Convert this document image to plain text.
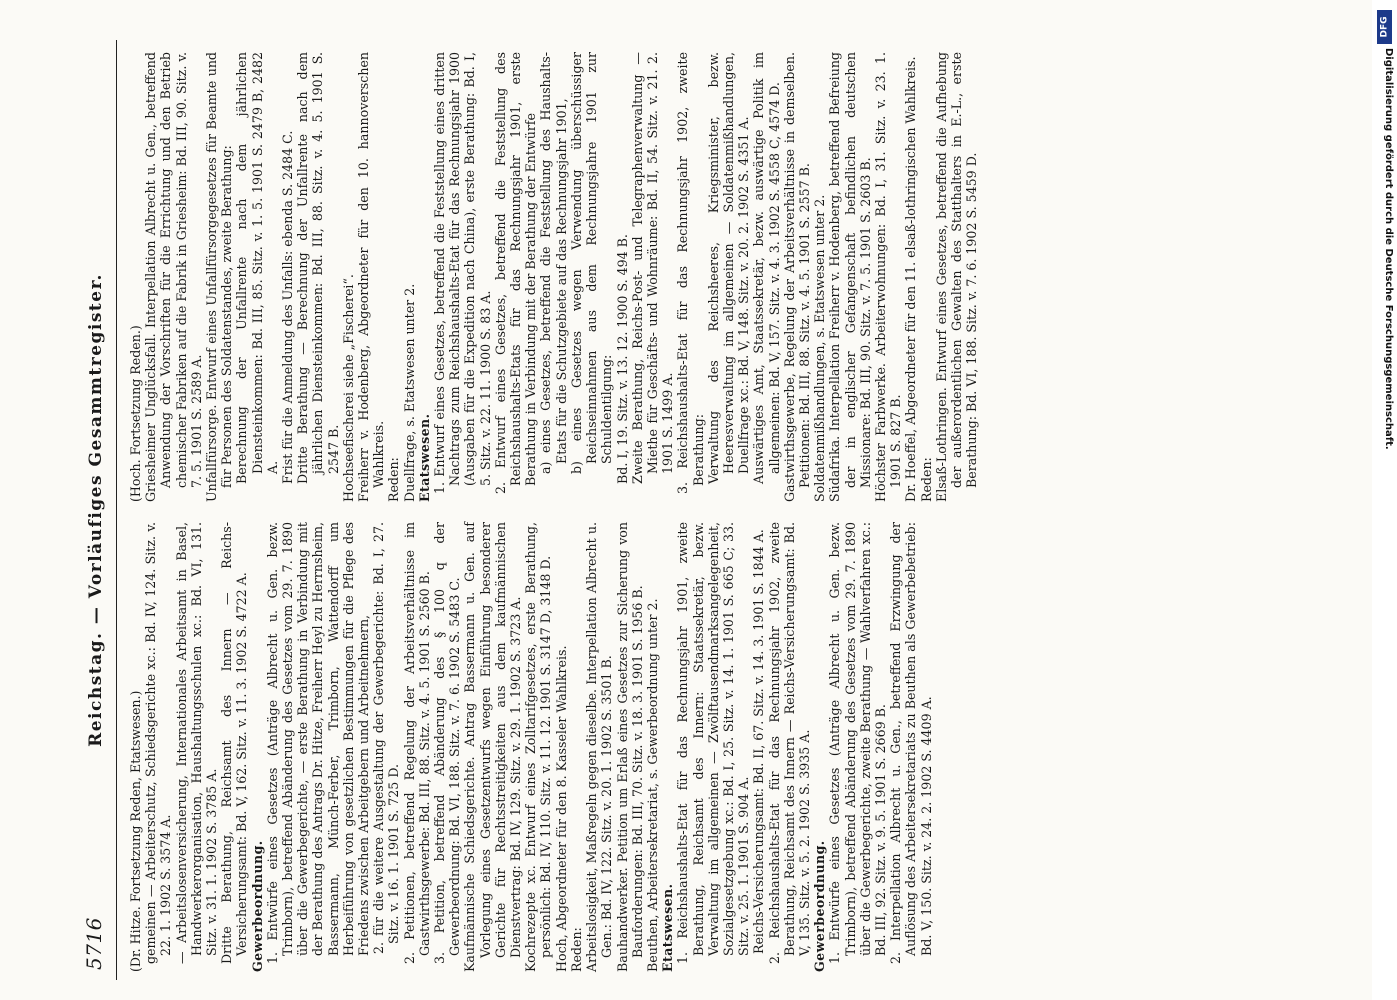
5716
Reichstag. — Vorläufiges Gesammtregister.

(Dr. Hitze. Fortsetzung Reden, Etatswesen.) gemeinen — Arbeiterschutz, Schiedsgerichte xc.: Bd. IV, 124. Sitz. v. 22. 1. 1902 S. 3574 A. — Arbeitslosenversicherung, Internationales Arbeitsamt in Basel, Handwerkerorganisation, Haushaltungsschulen xc.: Bd. VI, 131. Sitz. v. 31. 1. 1902 S. 3785 A. Dritte Berathung, Reichsamt des Innern — Reichs-Versicherungsamt: Bd. V, 162. Sitz. v. 11. 3. 1902 S. 4722 A. Gewerbeordnung. 1. Entwürfe eines Gesetzes (Anträge Albrecht u. Gen. bezw. Trimborn), betreffend Abänderung des Gesetzes vom 29. 7. 1890 über die Gewerbegerichte, — erste Berathung in Verbindung mit der Berathung des Antrags Dr. Hitze, Freiherr Heyl zu Herrnsheim, Bassermann, Münch-Ferber, Trimborn, Wattendorff um Herbeiführung von gesetzlichen Bestimmungen für die Pflege des Friedens zwischen Arbeitgebern und Arbeitnehmern, 2. für die weitere Ausgestaltung der Gewerbegerichte: Bd. I, 27. Sitz. v. 16. 1. 1901 S. 725 D. 2. Petitionen, betreffend Regelung der Arbeitsverhältnisse im Gastwirthsgewerbe: Bd. III, 88. Sitz. v. 4. 5. 1901 S. 2560 B. 3. Petition, betreffend Abänderung des § 100 q der Gewerbeordnung: Bd. VI, 188. Sitz. v. 7. 6. 1902 S. 5483 C. Kaufmännische Schiedsgerichte. Antrag Bassermann u. Gen. auf Vorlegung eines Gesetzentwurfs wegen Einführung besonderer Gerichte für Rechtsstreitigkeiten aus dem kaufmännischen Dienstvertrag: Bd. IV, 129. Sitz. v. 29. 1. 1902 S. 3723 A. Kochrezepte xc. Entwurf eines Zolltarifgesetzes, erste Berathung, persönlich: Bd. IV, 110. Sitz. v. 11. 12. 1901 S. 3147 D, 3148 D. Hoch, Abgeordneter für den 8. Kasseler Wahlkreis. Reden: Arbeitslosigkeit, Maßregeln gegen dieselbe. Interpellation Albrecht u. Gen.: Bd. IV, 122. Sitz. v. 20. 1. 1902 S. 3501 B. Bauhandwerker. Petition um Erlaß eines Gesetzes zur Sicherung von Bauforderungen: Bd. III, 70. Sitz. v. 18. 3. 1901 S. 1956 B. Beuthen, Arbeitersekretariat, s. Gewerbeordnung unter 2. Etatswesen. 1. Reichshaushalts-Etat für das Rechnungsjahr 1901, zweite Berathung, Reichsamt des Innern: Staatssekretär, bezw. Verwaltung im allgemeinen — Zwölftausendmarksangelegenheit, Sozialgesetzgebung xc.: Bd. I, 25. Sitz. v. 14. 1. 1901 S. 665 C; 33. Sitz. v. 25. 1. 1901 S. 904 A. Reichs-Versicherungsamt: Bd. II, 67. Sitz. v. 14. 3. 1901 S. 1844 A. 2. Reichshaushalts-Etat für das Rechnungsjahr 1902, zweite Berathung, Reichsamt des Innern — Reichs-Versicherungsamt: Bd. V, 135. Sitz. v. 5. 2. 1902 S. 3935 A. Gewerbeordnung. 1. Entwürfe eines Gesetzes (Anträge Albrecht u. Gen. bezw. Trimborn), betreffend Abänderung des Gesetzes vom 29. 7. 1890 über die Gewerbegerichte, zweite Berathung — Wahlverfahren xc.: Bd. III, 92. Sitz. v. 9. 5. 1901 S. 2669 B. 2. Interpellation Albrecht u. Gen., betreffend Erzwingung der Auflösung des Arbeitersekretariats zu Beuthen als Gewerbebetrieb: Bd. V, 150. Sitz. v. 24. 2. 1902 S. 4409 A.

(Hoch. Fortsetzung Reden.) Griesheimer Unglücksfall. Interpellation Albrecht u. Gen., betreffend Anwendung der Vorschriften für die Errichtung und den Betrieb chemischer Fabriken auf die Fabrik in Griesheim: Bd. III, 90. Sitz. v. 7. 5. 1901 S. 2589 A. Unfallfürsorge. Entwurf eines Unfallfürsorgegesetzes für Beamte und für Personen des Soldatenstandes, zweite Berathung: Berechnung der Unfallrente nach dem jährlichen Diensteinkommen: Bd. III, 85. Sitz. v. 1. 5. 1901 S. 2479 B, 2482 A. Frist für die Anmeldung des Unfalls: ebenda S. 2484 C. Dritte Berathung — Berechnung der Unfallrente nach dem jährlichen Diensteinkommen: Bd. III, 88. Sitz. v. 4. 5. 1901 S. 2547 B. Hochseefischerei siehe „Fischerei“. Freiherr v. Hodenberg, Abgeordneter für den 10. hannoverschen Wahlkreis. Reden: Duellfrage, s. Etatswesen unter 2. Etatswesen. 1. Entwurf eines Gesetzes, betreffend die Feststellung eines dritten Nachtrags zum Reichshaushalts-Etat für das Rechnungsjahr 1900 (Ausgaben für die Expedition nach China), erste Berathung: Bd. I, 5. Sitz. v. 22. 11. 1900 S. 83 A. 2. Entwurf eines Gesetzes, betreffend die Feststellung des Reichshaushalts-Etats für das Rechnungsjahr 1901, erste Berathung in Verbindung mit der Berathung der Entwürfe a) eines Gesetzes, betreffend die Feststellung des Haushalts-Etats für die Schutzgebiete auf das Rechnungsjahr 1901, b) eines Gesetzes wegen Verwendung überschüssiger Reichseinnahmen aus dem Rechnungsjahre 1901 zur Schuldentilgung: Bd. I, 19. Sitz. v. 13. 12. 1900 S. 494 B. Zweite Berathung, Reichs-Post- und Telegraphenverwaltung — Miethe für Geschäfts- und Wohnräume: Bd. II, 54. Sitz. v. 21. 2. 1901 S. 1499 A. 3. Reichshaushalts-Etat für das Rechnungsjahr 1902, zweite Berathung: Verwaltung des Reichsheeres, Kriegsminister, bezw. Heeresverwaltung im allgemeinen — Soldatenmißhandlungen, Duellfrage xc.: Bd. V, 148. Sitz. v. 20. 2. 1902 S. 4351 A. Auswärtiges Amt, Staatssekretär, bezw. auswärtige Politik im allgemeinen: Bd. V, 157. Sitz. v. 4. 3. 1902 S. 4558 C, 4574 D. Gastwirthsgewerbe, Regelung der Arbeitsverhältnisse in demselben. Petitionen: Bd. III, 88. Sitz. v. 4. 5. 1901 S. 2557 B. Soldatenmißhandlungen, s. Etatswesen unter 2. Südafrika. Interpellation Freiherr v. Hodenberg, betreffend Befreiung der in englischer Gefangenschaft befindlichen deutschen Missionare: Bd. III, 90. Sitz. v. 7. 5. 1901 S. 2603 B. Höchster Farbwerke. Arbeiterwohnungen: Bd. I, 31. Sitz. v. 23. 1. 1901 S. 827 B. Dr. Hoeffel, Abgeordneter für den 11. elsaß-lothringischen Wahlkreis. Reden: Elsaß-Lothringen. Entwurf eines Gesetzes, betreffend die Aufhebung der außerordentlichen Gewalten des Statthalters in E.-L., erste Berathung: Bd. VI, 188. Sitz. v. 7. 6. 1902 S. 5459 D.

DFG
Digitalisierung gefördert durch die Deutsche Forschungsgemeinschaft.
